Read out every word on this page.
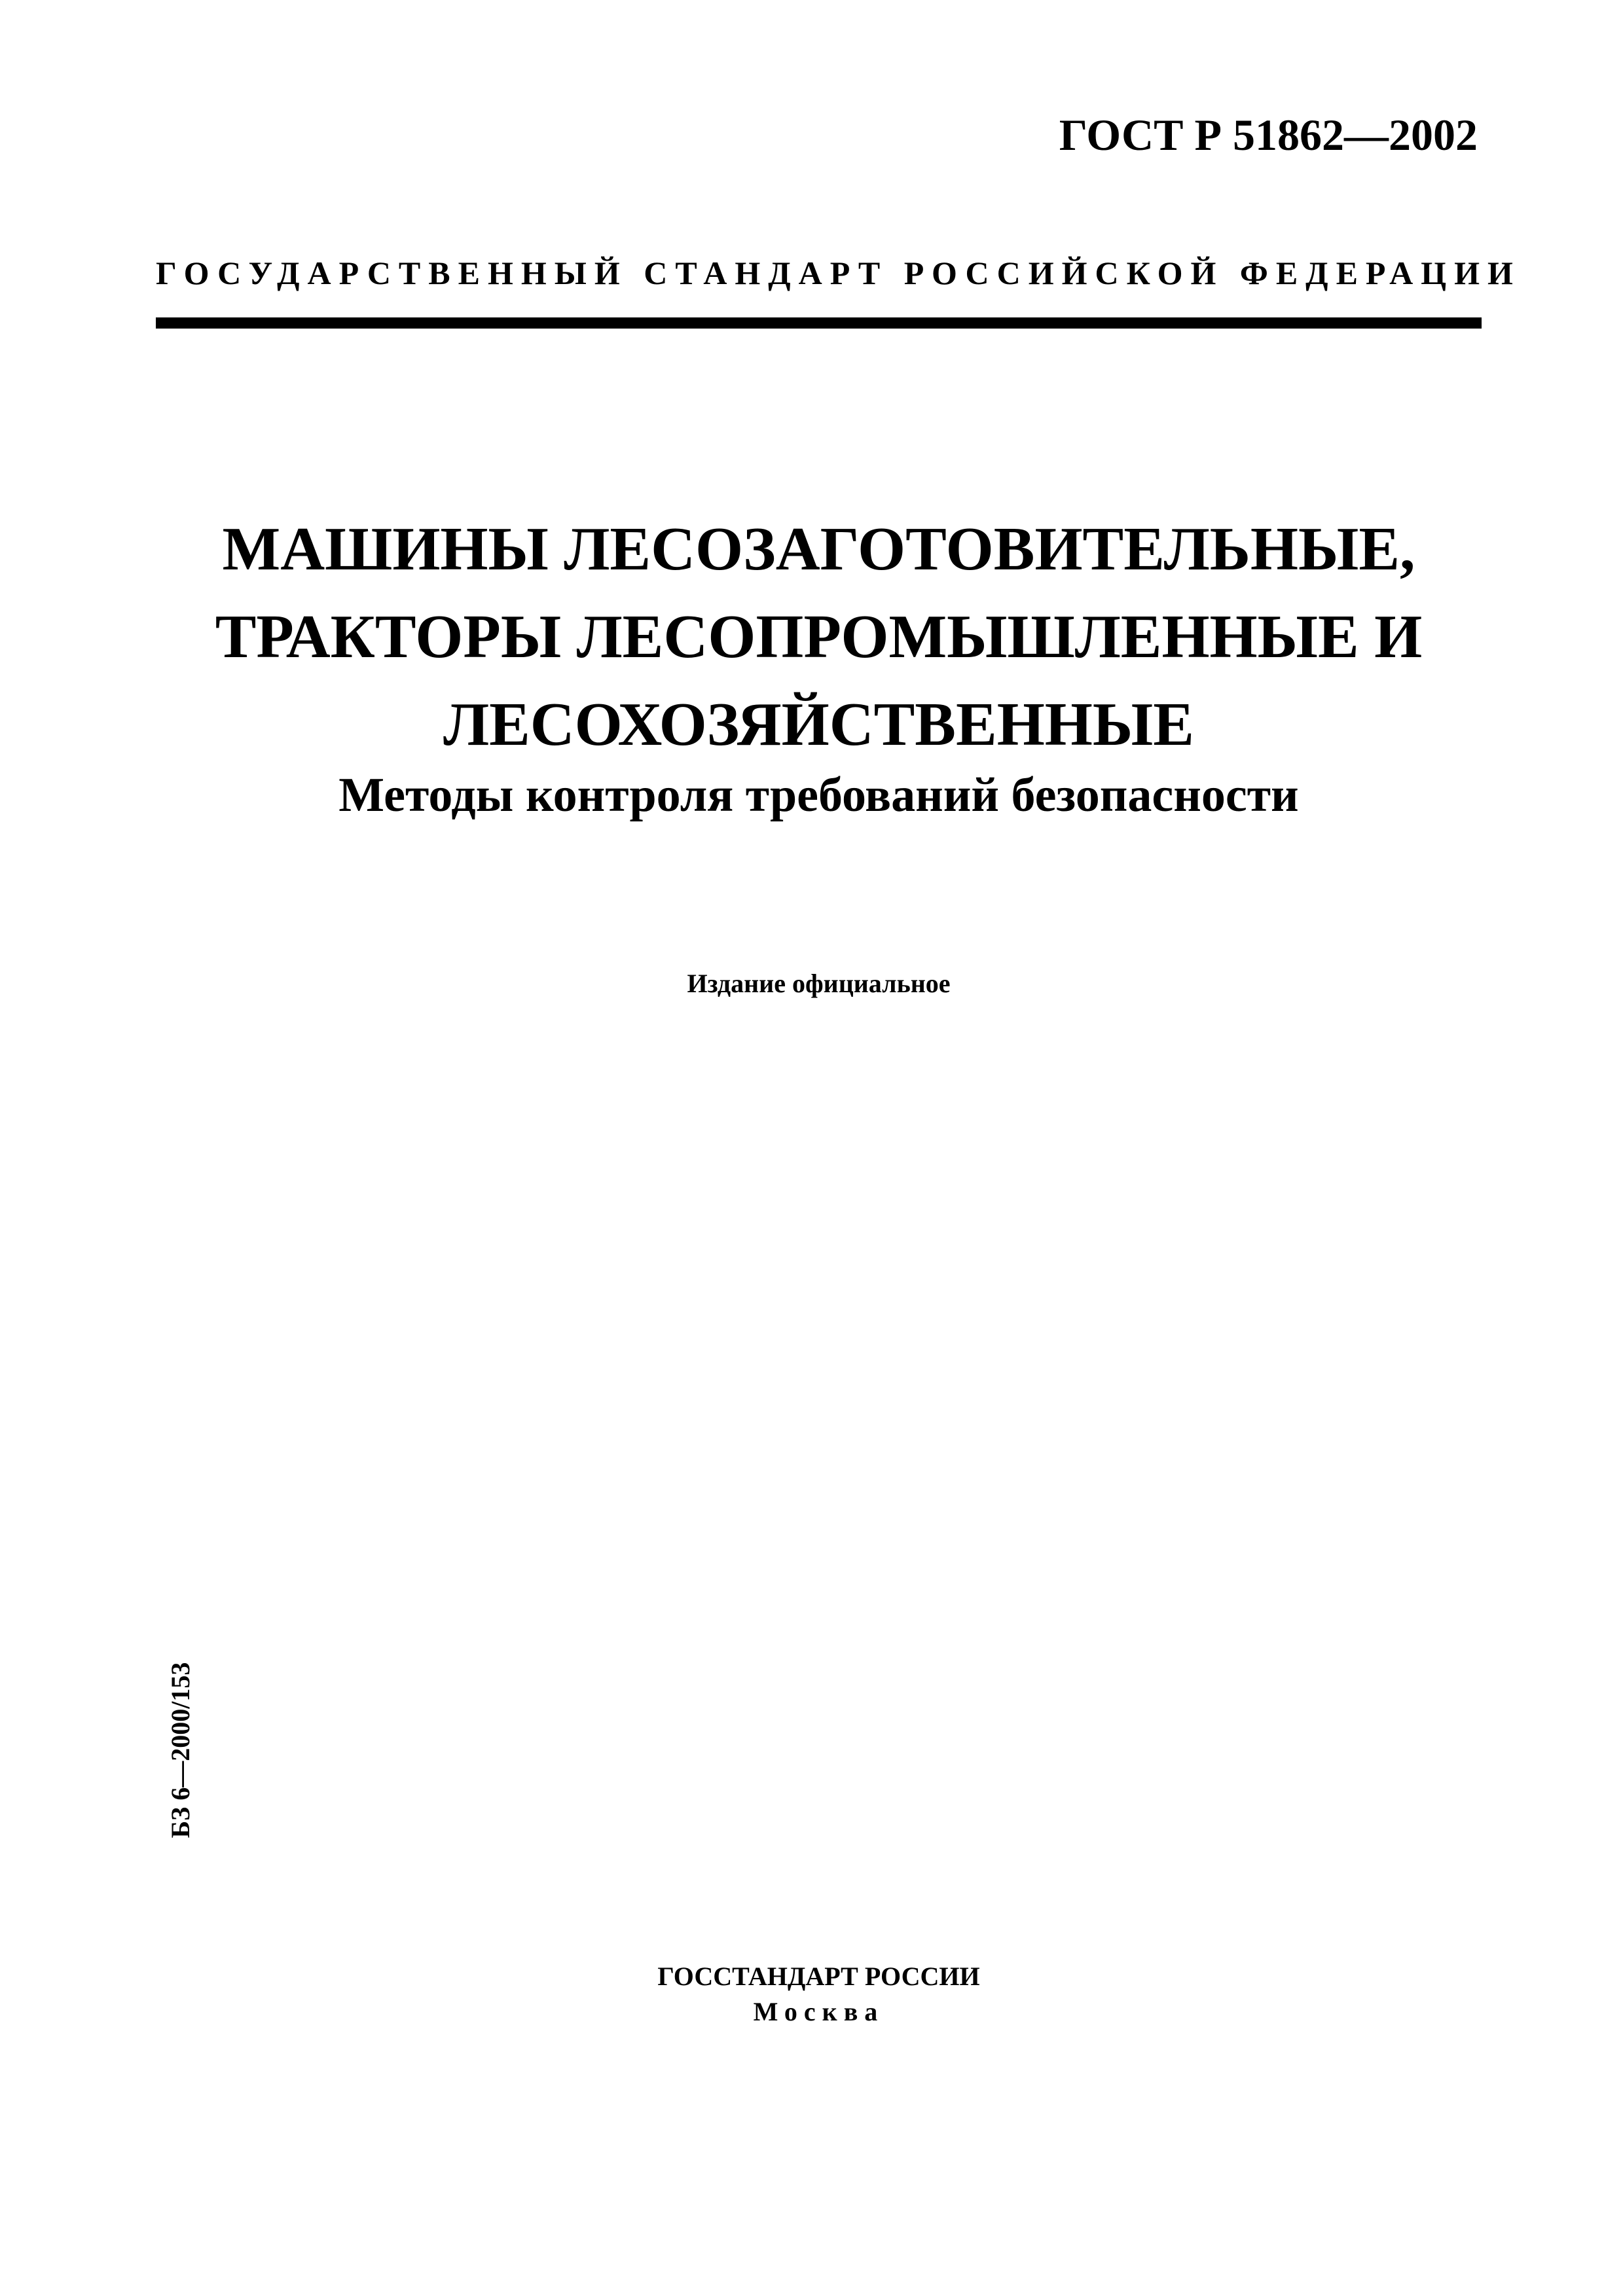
ГОСТ Р 51862—2002
ГОСУДАРСТВЕННЫЙ СТАНДАРТ РОССИЙСКОЙ ФЕДЕРАЦИИ
МАШИНЫ ЛЕСОЗАГОТОВИТЕЛЬНЫЕ,
ТРАКТОРЫ ЛЕСОПРОМЫШЛЕННЫЕ И
ЛЕСОХОЗЯЙСТВЕННЫЕ
Методы контроля требований безопасности
Издание официальное
БЗ 6—2000/153
ГОССТАНДАРТ РОССИИ
Москва
